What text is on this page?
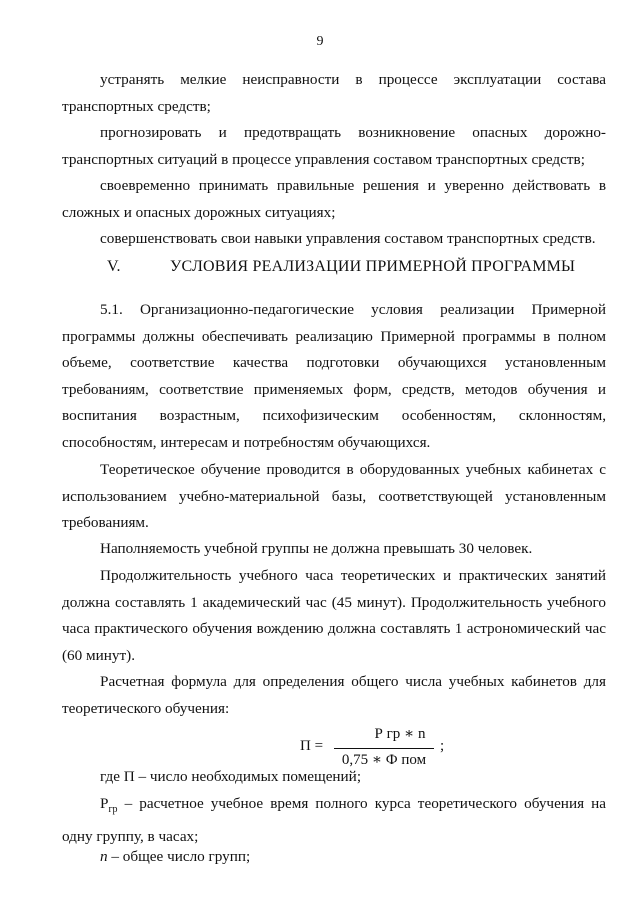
9

устранять мелкие неисправности в процессе эксплуатации состава транспортных средств;

прогнозировать и предотвращать возникновение опасных дорожно-транспортных ситуаций в процессе управления составом транспортных средств;

своевременно принимать правильные решения и уверенно действовать в сложных и опасных дорожных ситуациях;

совершенствовать свои навыки управления составом транспортных средств.

V.	УСЛОВИЯ РЕАЛИЗАЦИИ ПРИМЕРНОЙ ПРОГРАММЫ

5.1. Организационно-педагогические условия реализации Примерной программы должны обеспечивать реализацию Примерной программы в полном объеме, соответствие качества подготовки обучающихся установленным требованиям, соответствие применяемых форм, средств, методов обучения и воспитания возрастным, психофизическим особенностям, склонностям, способностям, интересам и потребностям обучающихся.

Теоретическое обучение проводится в оборудованных учебных кабинетах с использованием учебно-материальной базы, соответствующей установленным требованиям.

Наполняемость учебной группы не должна превышать 30 человек.

Продолжительность учебного часа теоретических и практических занятий должна составлять 1 академический час (45 минут). Продолжительность учебного часа практического обучения вождению должна составлять 1 астрономический час (60 минут).

Расчетная формула для определения общего числа учебных кабинетов для теоретического обучения:

П =
Р гр ∗ n
0,75 ∗ Ф пом
;

где П – число необходимых помещений;

$Р_{гр}$ – расчетное учебное время полного курса теоретического обучения на одну группу, в часах;

n – общее число групп;
